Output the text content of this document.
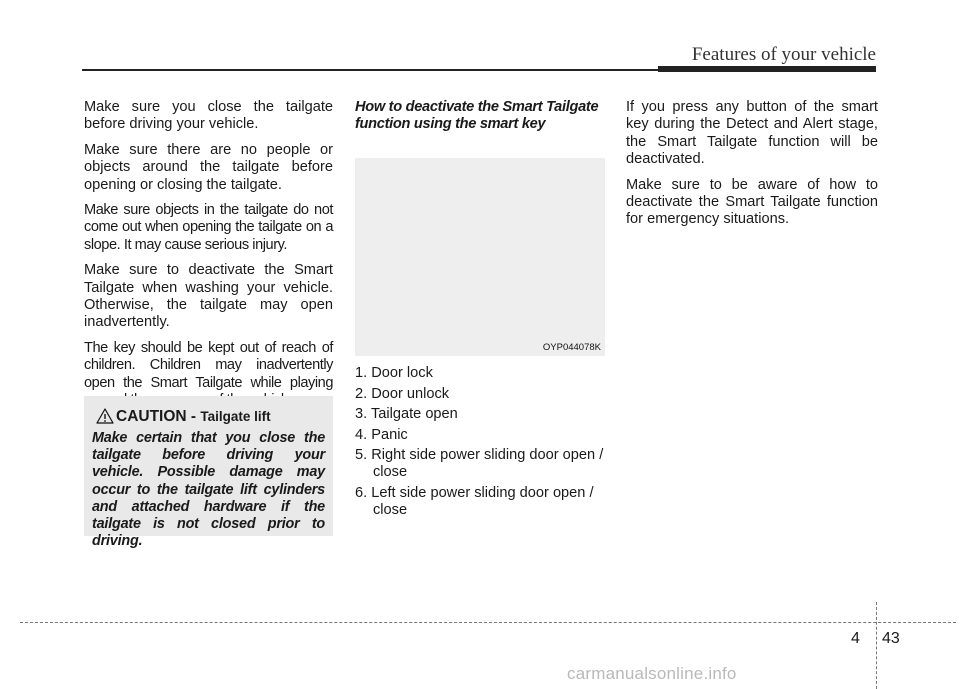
Features of your vehicle

Make sure you close the tailgate before driving your vehicle.

Make sure there are no people or objects around the tailgate before opening or closing the tailgate.

Make sure objects in the tailgate do not come out when opening the tailgate on a slope. It may cause serious injury.

Make sure to deactivate the Smart Tailgate when washing your vehicle. Otherwise, the tailgate may open inadvertently.

The key should be kept out of reach of children. Children may inadvertently open the Smart Tailgate while playing

CAUTION - Tailgate lift
Make certain that you close the tailgate before driving your vehicle. Possible damage may occur to the tailgate lift cylinders and attached hardware if the tailgate is not closed prior to driving.

How to deactivate the Smart Tailgate function using the smart key

OYP044078K
1. Door lock
2. Door unlock
3. Tailgate open
4. Panic
5. Right side power sliding door open / close
6. Left side power sliding door open / close

If you press any button of the smart key during the Detect and Alert stage, the Smart Tailgate function will be deactivated.

Make sure to be aware of how to deactivate the Smart Tailgate function for emergency situations.

4 43
carmanualsonline.info
